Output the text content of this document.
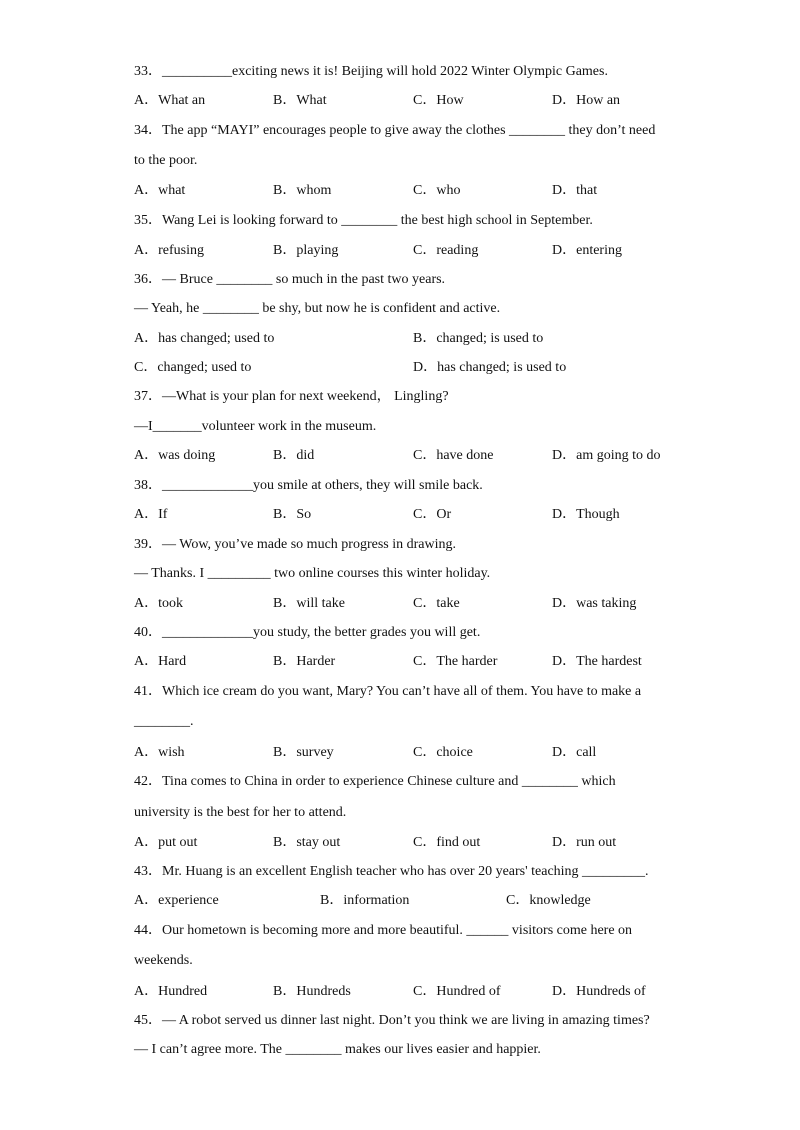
33．__________exciting news it is! Beijing will hold 2022 Winter Olympic Games.
A．What an	B．What	C．How	D．How an
34．The app “MAYI” encourages people to give away the clothes ________ they don’t need
to the poor.
A．what	B．whom	C．who	D．that
35．Wang Lei is looking forward to ________ the best high school in September.
A．refusing	B．playing	C．reading	D．entering
36．— Bruce ________ so much in the past two years.
— Yeah, he ________ be shy, but now he is confident and active.
A．has changed; used to	B．changed; is used to
C．changed; used to	D．has changed; is used to
37．—What is your plan for next weekend， Lingling?
—I_______volunteer work in the museum.
A．was doing	B．did	C．have done	D．am going to do
38．_____________you smile at others, they will smile back.
A．If	B．So	C．Or	D．Though
39．— Wow, you’ve made so much progress in drawing.
— Thanks. I _________ two online courses this winter holiday.
A．took	B．will take	C．take	D．was taking
40．_____________you study, the better grades you will get.
A．Hard	B．Harder	C．The harder	D．The hardest
41．Which ice cream do you want, Mary? You can’t have all of them. You have to make a
________.
A．wish	B．survey	C．choice	D．call
42．Tina comes to China in order to experience Chinese culture and ________ which
university is the best for her to attend.
A．put out	B．stay out	C．find out	D．run out
43．Mr. Huang is an excellent English teacher who has over 20 years' teaching _________.
A．experience	B．information	C．knowledge
44．Our hometown is becoming more and more beautiful. ______ visitors come here on
weekends.
A．Hundred	B．Hundreds	C．Hundred of	D．Hundreds of
45．— A robot served us dinner last night. Don’t you think we are living in amazing times?
— I can’t agree more. The ________ makes our lives easier and happier.
